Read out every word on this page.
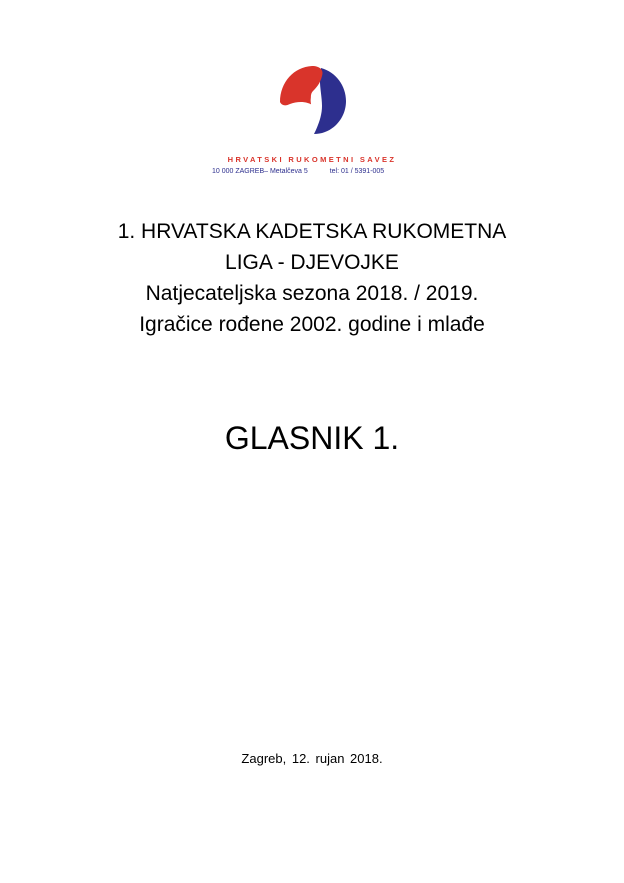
HRVATSKI RUKOMETNI SAVEZ
10 000 ZAGREB– Metalčeva 5	tel: 01 / 5391-005
1. HRVATSKA KADETSKA RUKOMETNA
LIGA - DJEVOJKE
Natjecateljska sezona 2018. / 2019.
Igračice rođene 2002. godine i mlađe
GLASNIK 1.
Zagreb, 12. rujan 2018.
